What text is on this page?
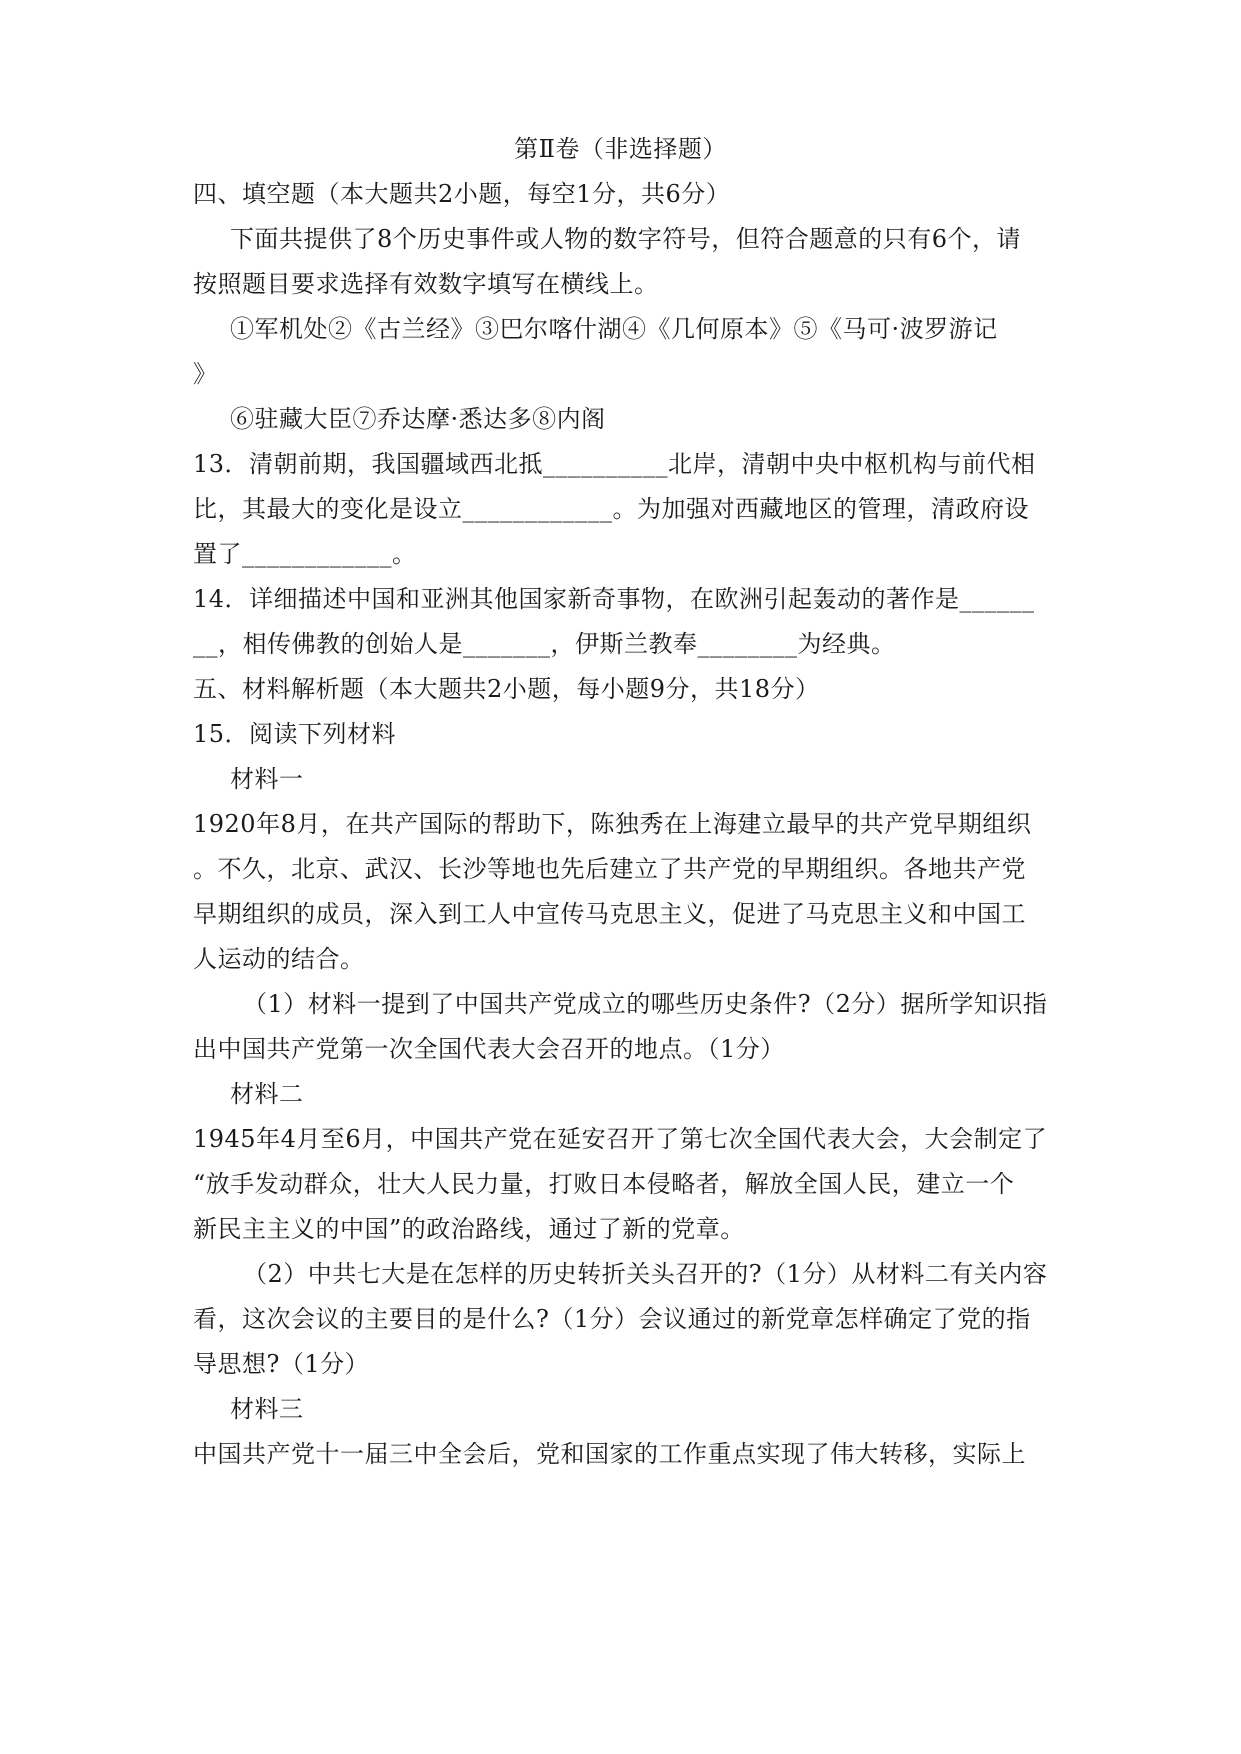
第Ⅱ卷（非选择题）
四、填空题（本大题共2小题，每空1分，共6分）
下面共提供了8个历史事件或人物的数字符号，但符合题意的只有6个，请
按照题目要求选择有效数字填写在横线上。
①军机处②《古兰经》③巴尔喀什湖④《几何原本》⑤《马可·波罗游记
》
⑥驻藏大臣⑦乔达摩·悉达多⑧内阁
13．清朝前期，我国疆域西北抵__________北岸，清朝中央中枢机构与前代相
比，其最大的变化是设立____________。为加强对西藏地区的管理，清政府设
置了____________。
14．详细描述中国和亚洲其他国家新奇事物，在欧洲引起轰动的著作是______
__，相传佛教的创始人是_______，伊斯兰教奉________为经典。
五、材料解析题（本大题共2小题，每小题9分，共18分）
15．阅读下列材料
材料一
1920年8月，在共产国际的帮助下，陈独秀在上海建立最早的共产党早期组织
。不久，北京、武汉、长沙等地也先后建立了共产党的早期组织。各地共产党
早期组织的成员，深入到工人中宣传马克思主义，促进了马克思主义和中国工
人运动的结合。
（1）材料一提到了中国共产党成立的哪些历史条件?（2分）据所学知识指
出中国共产党第一次全国代表大会召开的地点。（1分）
材料二
1945年4月至6月，中国共产党在延安召开了第七次全国代表大会，大会制定了
“放手发动群众，壮大人民力量，打败日本侵略者，解放全国人民，建立一个
新民主主义的中国”的政治路线，通过了新的党章。
（2）中共七大是在怎样的历史转折关头召开的?（1分）从材料二有关内容
看，这次会议的主要目的是什么?（1分）会议通过的新党章怎样确定了党的指
导思想?（1分）
材料三
中国共产党十一届三中全会后，党和国家的工作重点实现了伟大转移，实际上
